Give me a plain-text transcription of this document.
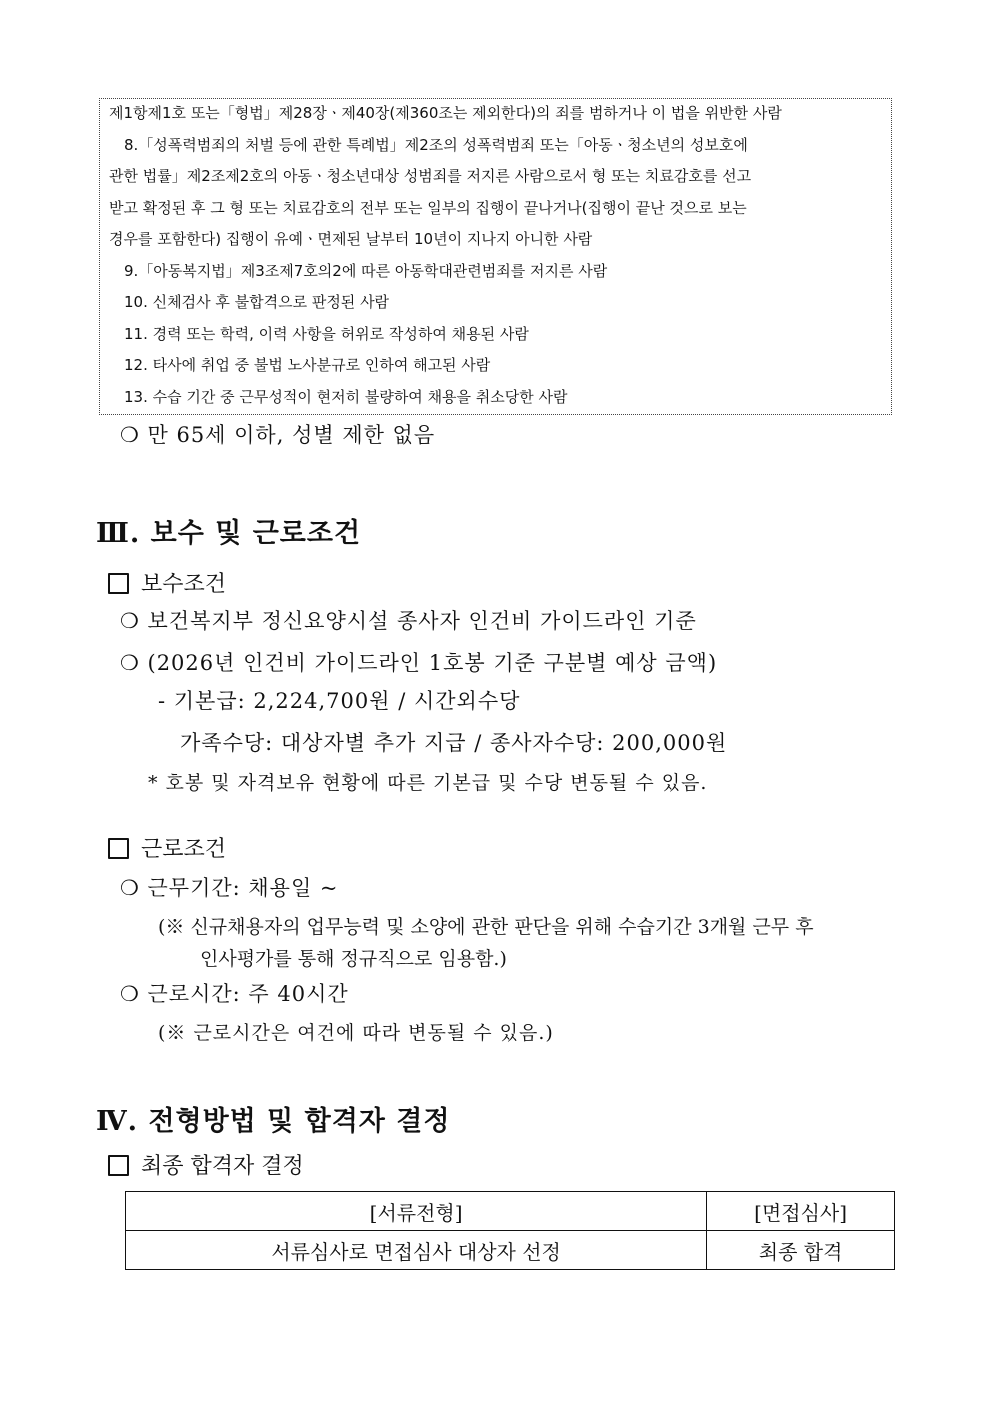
제1항제1호 또는「형법」제28장ㆍ제40장(제360조는 제외한다)의 죄를 범하거나 이 법을 위반한 사람
8.「성폭력범죄의 처벌 등에 관한 특례법」제2조의 성폭력범죄 또는「아동ㆍ청소년의 성보호에
관한 법률」제2조제2호의 아동ㆍ청소년대상 성범죄를 저지른 사람으로서 형 또는 치료감호를 선고
받고 확정된 후 그 형 또는 치료감호의 전부 또는 일부의 집행이 끝나거나(집행이 끝난 것으로 보는
경우를 포함한다) 집행이 유예ㆍ면제된 날부터 10년이 지나지 아니한 사람
9.「아동복지법」제3조제7호의2에 따른 아동학대관련범죄를 저지른 사람
10. 신체검사 후 불합격으로 판정된 사람
11. 경력 또는 학력, 이력 사항을 허위로 작성하여 채용된 사람
12. 타사에 취업 중 불법 노사분규로 인하여 해고된 사람
13. 수습 기간 중 근무성적이 현저히 불량하여 채용을 취소당한 사람
❍ 만 65세 이하, 성별 제한 없음
Ⅲ. 보수 및 근로조건
보수조건
❍ 보건복지부 정신요양시설 종사자 인건비 가이드라인 기준
❍ (2026년 인건비 가이드라인 1호봉 기준 구분별 예상 금액)
- 기본급: 2,224,700원 / 시간외수당
가족수당: 대상자별 추가 지급 / 종사자수당: 200,000원
* 호봉 및 자격보유 현황에 따른 기본급 및 수당 변동될 수 있음.
근로조건
❍ 근무기간: 채용일 ~
(※ 신규채용자의 업무능력 및 소양에 관한 판단을 위해 수습기간 3개월 근무 후
인사평가를 통해 정규직으로 임용함.)
❍ 근로시간: 주 40시간
(※ 근로시간은 여건에 따라 변동될 수 있음.)
Ⅳ. 전형방법 및 합격자 결정
최종 합격자 결정
[서류전형]	[면접심사]
서류심사로 면접심사 대상자 선정	최종 합격
